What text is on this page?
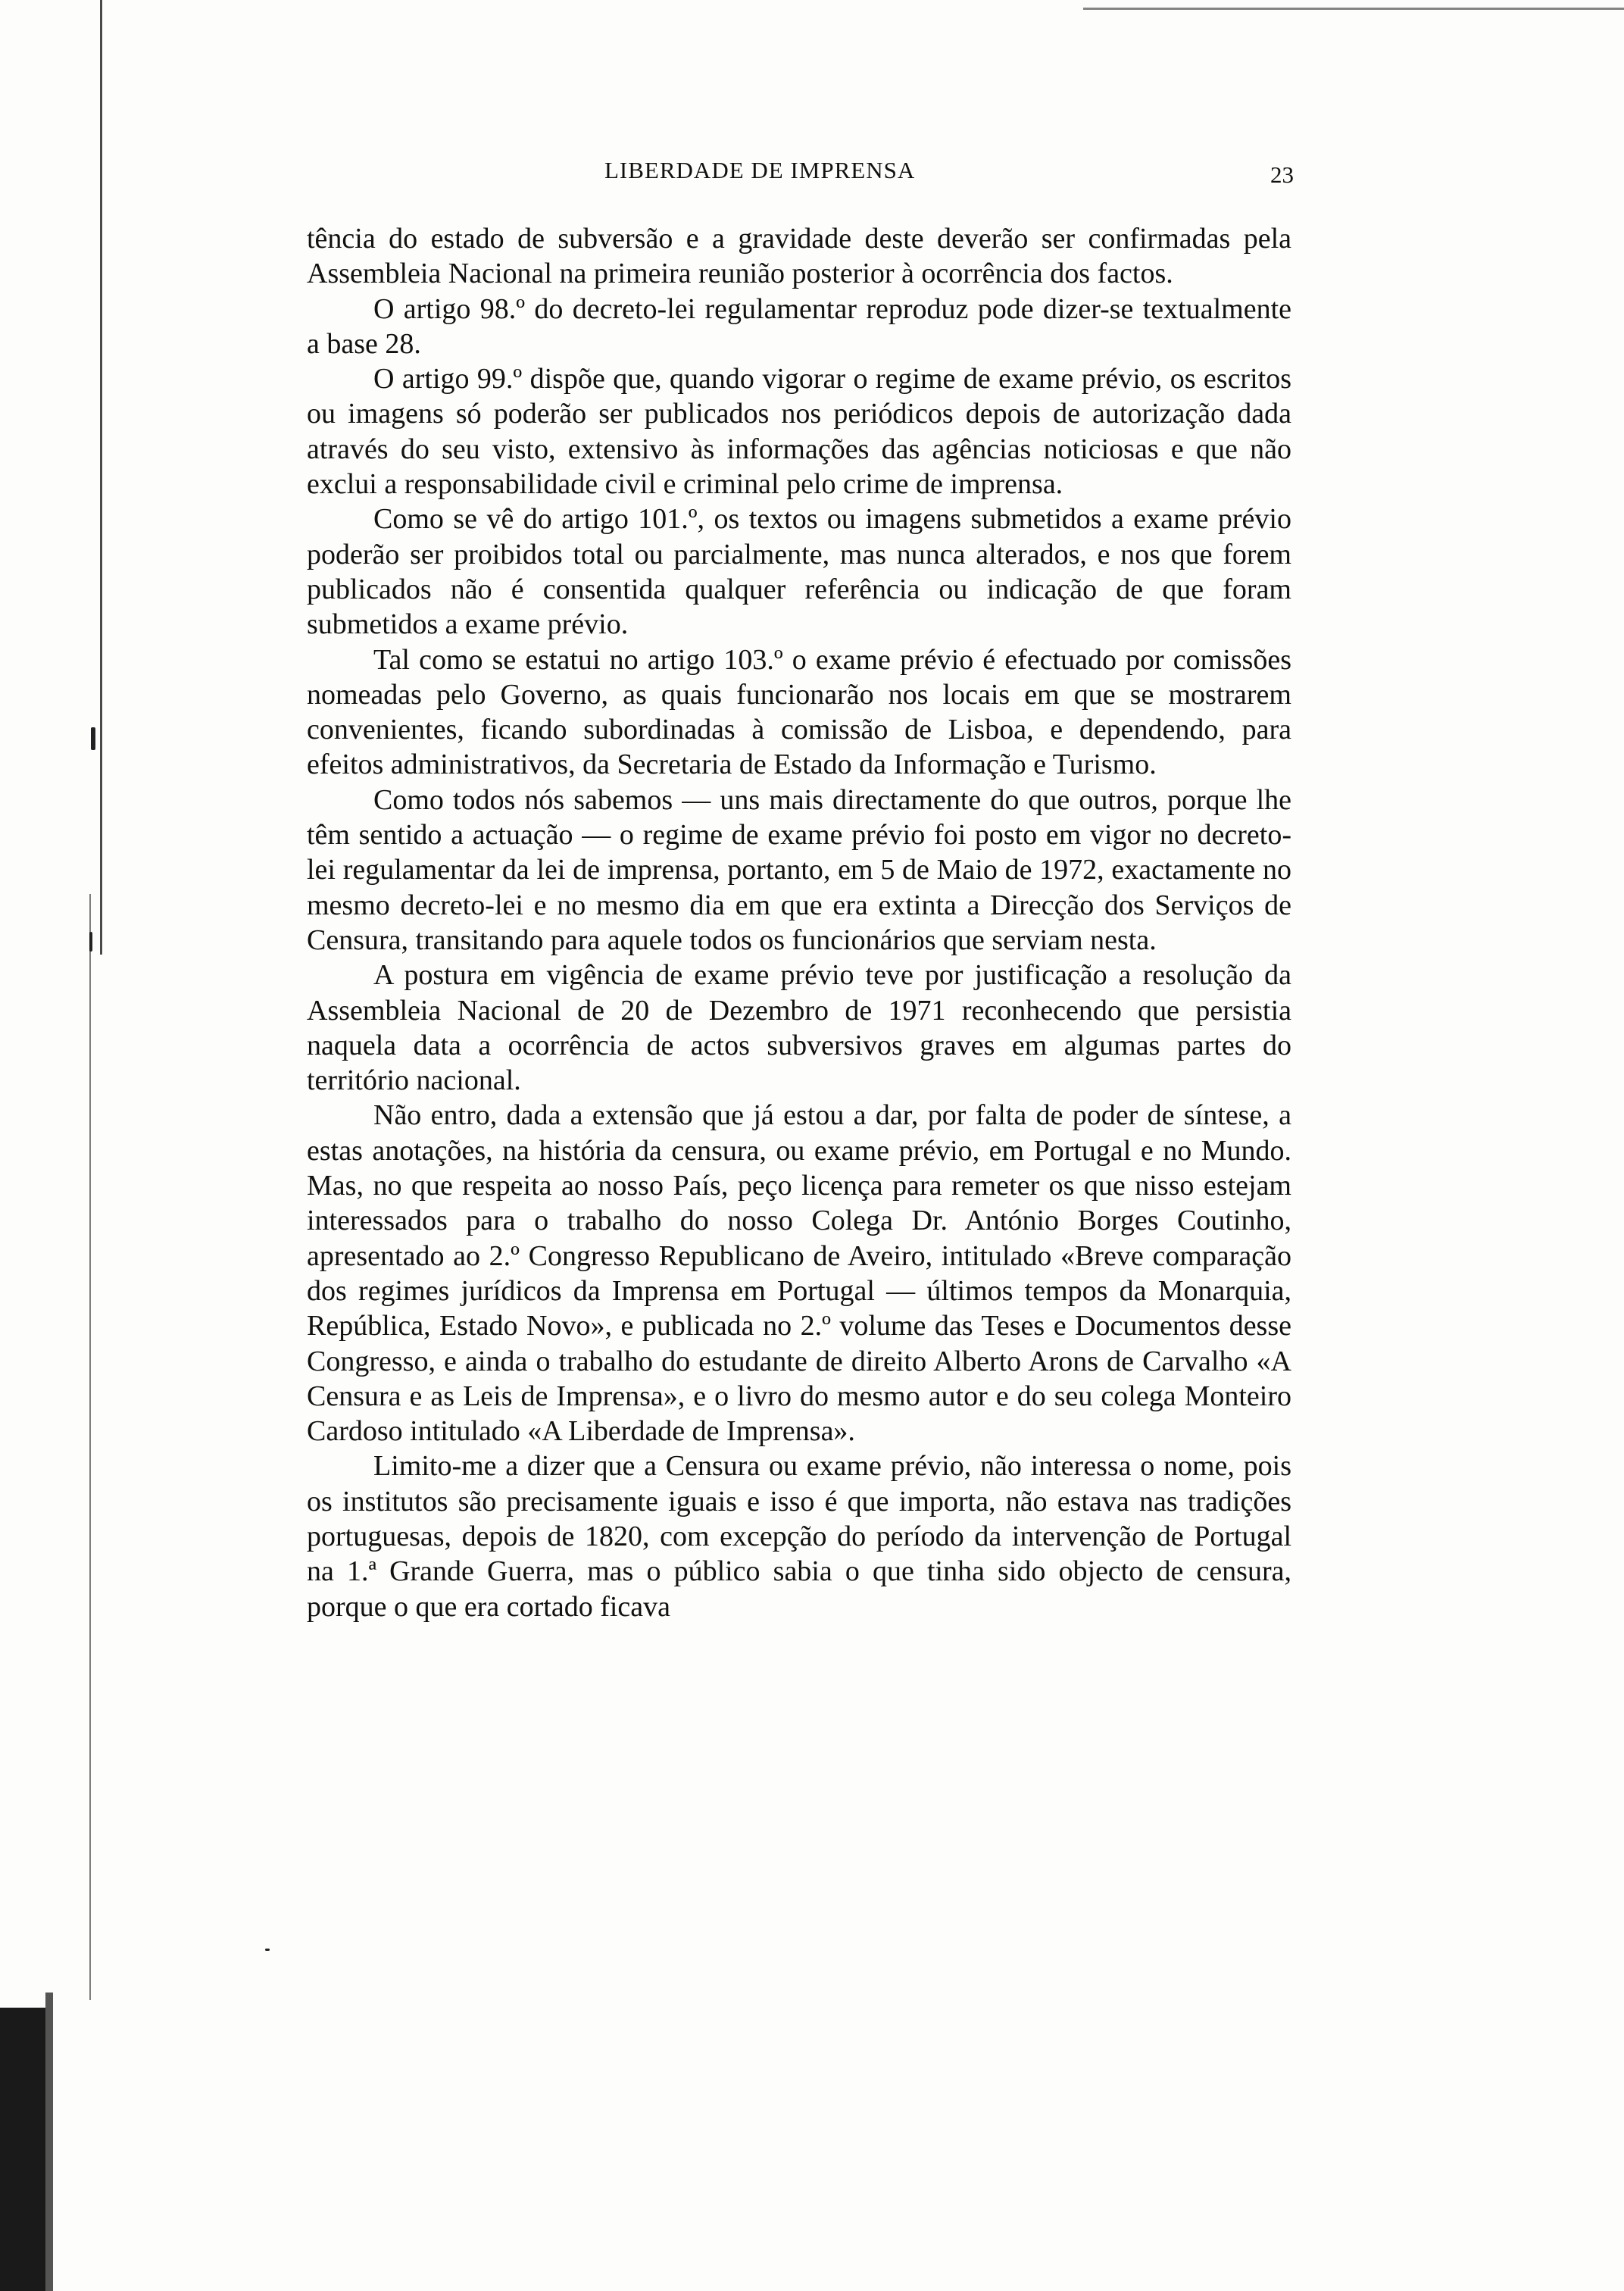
LIBERDADE DE IMPRENSA	23

tência do estado de subversão e a gravidade deste deverão ser confirmadas pela Assembleia Nacional na primeira reunião posterior à ocorrência dos factos.

O artigo 98.º do decreto-lei regulamentar reproduz pode dizer-se textualmente a base 28.

O artigo 99.º dispõe que, quando vigorar o regime de exame prévio, os escritos ou imagens só poderão ser publicados nos periódicos depois de autorização dada através do seu visto, extensivo às informações das agências noticiosas e que não exclui a responsabilidade civil e criminal pelo crime de imprensa.

Como se vê do artigo 101.º, os textos ou imagens submetidos a exame prévio poderão ser proibidos total ou parcialmente, mas nunca alterados, e nos que forem publicados não é consentida qualquer referência ou indicação de que foram submetidos a exame prévio.

Tal como se estatui no artigo 103.º o exame prévio é efectuado por comissões nomeadas pelo Governo, as quais funcionarão nos locais em que se mostrarem convenientes, ficando subordinadas à comissão de Lisboa, e dependendo, para efeitos administrativos, da Secretaria de Estado da Informação e Turismo.

Como todos nós sabemos — uns mais directamente do que outros, porque lhe têm sentido a actuação — o regime de exame prévio foi posto em vigor no decreto-lei regulamentar da lei de imprensa, portanto, em 5 de Maio de 1972, exactamente no mesmo decreto-lei e no mesmo dia em que era extinta a Direcção dos Serviços de Censura, transitando para aquele todos os funcionários que serviam nesta.

A postura em vigência de exame prévio teve por justificação a resolução da Assembleia Nacional de 20 de Dezembro de 1971 reconhecendo que persistia naquela data a ocorrência de actos subversivos graves em algumas partes do território nacional.

Não entro, dada a extensão que já estou a dar, por falta de poder de síntese, a estas anotações, na história da censura, ou exame prévio, em Portugal e no Mundo. Mas, no que respeita ao nosso País, peço licença para remeter os que nisso estejam interessados para o trabalho do nosso Colega Dr. António Borges Coutinho, apresentado ao 2.º Congresso Republicano de Aveiro, intitulado «Breve comparação dos regimes jurídicos da Imprensa em Portugal — últimos tempos da Monarquia, República, Estado Novo», e publicada no 2.º volume das Teses e Documentos desse Congresso, e ainda o trabalho do estudante de direito Alberto Arons de Carvalho «A Censura e as Leis de Imprensa», e o livro do mesmo autor e do seu colega Monteiro Cardoso intitulado «A Liberdade de Imprensa».

Limito-me a dizer que a Censura ou exame prévio, não interessa o nome, pois os institutos são precisamente iguais e isso é que importa, não estava nas tradições portuguesas, depois de 1820, com excepção do período da intervenção de Portugal na 1.ª Grande Guerra, mas o público sabia o que tinha sido objecto de censura, porque o que era cortado ficava
